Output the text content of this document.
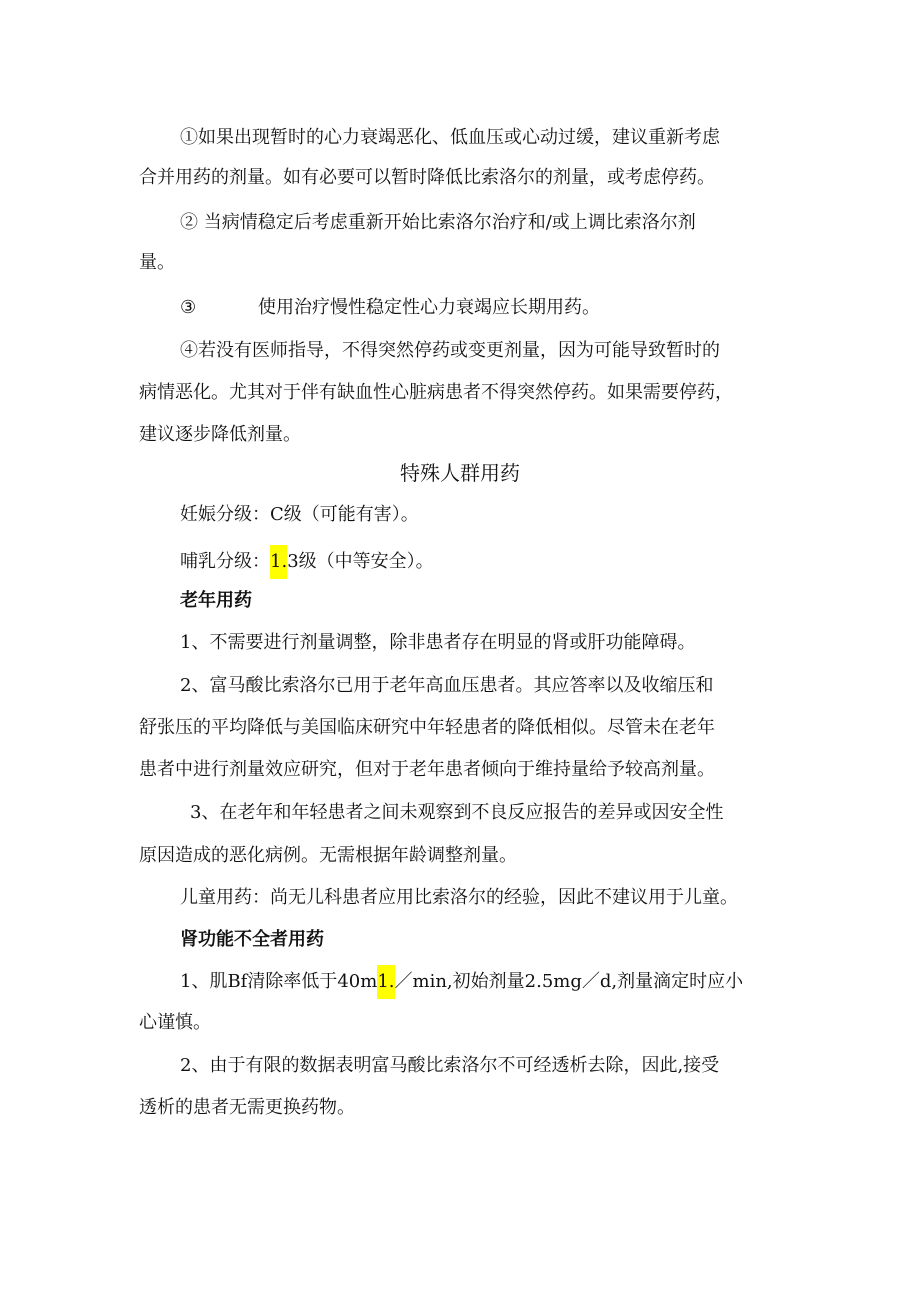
①如果出现暂时的心力衰竭恶化、低血压或心动过缓，建议重新考虑
合并用药的剂量。如有必要可以暂时降低比索洛尔的剂量，或考虑停药。
② 当病情稳定后考虑重新开始比索洛尔治疗和/或上调比索洛尔剂
量。
③	使用治疗慢性稳定性心力衰竭应长期用药。
④若没有医师指导，不得突然停药或变更剂量，因为可能导致暂时的
病情恶化。尤其对于伴有缺血性心脏病患者不得突然停药。如果需要停药，
建议逐步降低剂量。
特殊人群用药
妊娠分级：C级（可能有害）。
哺乳分级：1.3级（中等安全）。
老年用药
1、不需要进行剂量调整，除非患者存在明显的肾或肝功能障碍。
2、富马酸比索洛尔已用于老年高血压患者。其应答率以及收缩压和
舒张压的平均降低与美国临床研究中年轻患者的降低相似。尽管未在老年
患者中进行剂量效应研究，但对于老年患者倾向于维持量给予较高剂量。
3、在老年和年轻患者之间未观察到不良反应报告的差异或因安全性
原因造成的恶化病例。无需根据年龄调整剂量。
儿童用药：尚无儿科患者应用比索洛尔的经验，因此不建议用于儿童。
肾功能不全者用药
1、肌Bf清除率低于40m1.／min,初始剂量2.5mg／d,剂量滴定时应小
心谨慎。
2、由于有限的数据表明富马酸比索洛尔不可经透析去除，因此,接受
透析的患者无需更换药物。
